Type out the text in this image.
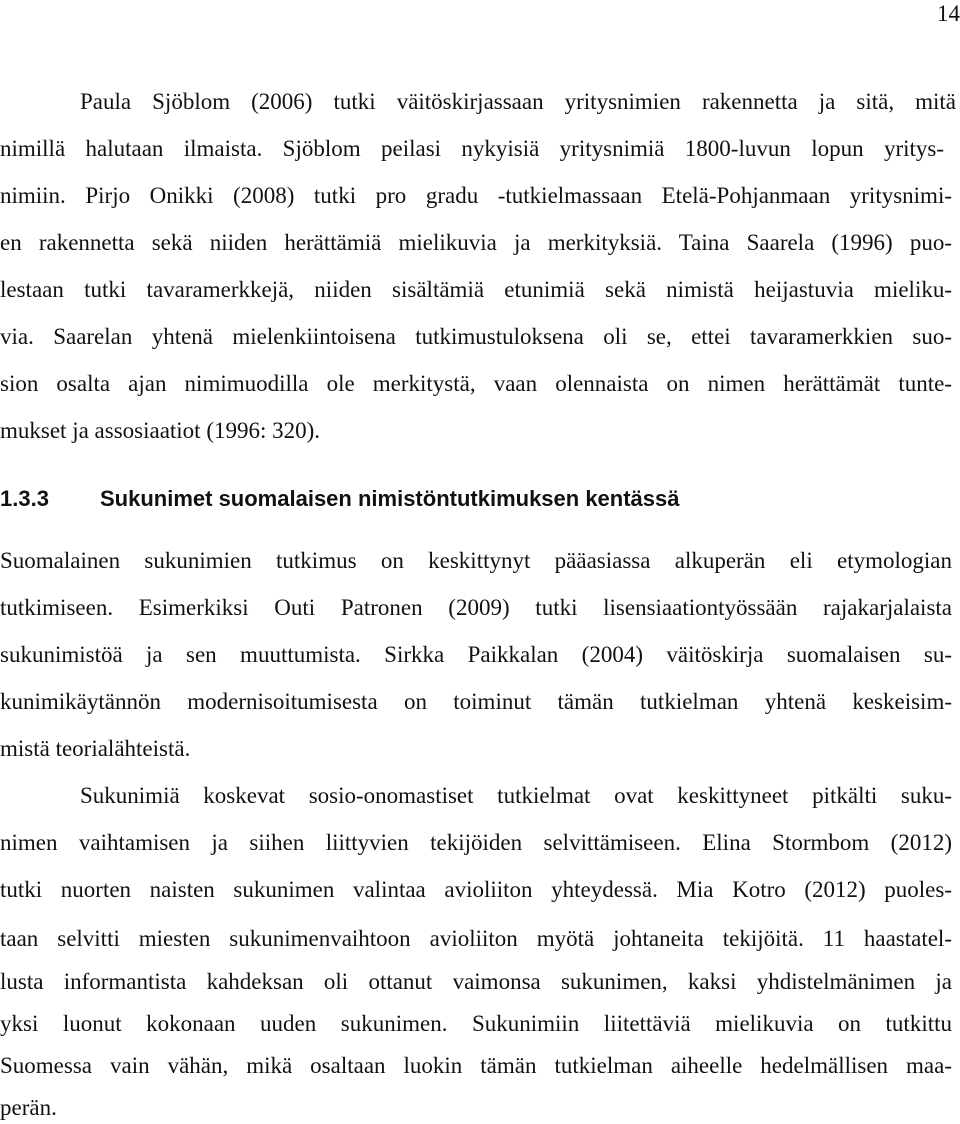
14
Paula Sjöblom (2006) tutki väitöskirjassaan yritysnimien rakennetta ja sitä, mitä
nimillä halutaan ilmaista. Sjöblom peilasi nykyisiä yritysnimiä 1800-luvun lopun yritys-
nimiin. Pirjo Onikki (2008) tutki pro gradu -tutkielmassaan Etelä-Pohjanmaan yritysnimi-
en rakennetta sekä niiden herättämiä mielikuvia ja merkityksiä. Taina Saarela (1996) puo-
lestaan tutki tavaramerkkejä, niiden sisältämiä etunimiä sekä nimistä heijastuvia mieliku-
via. Saarelan yhtenä mielenkiintoisena tutkimustuloksena oli se, ettei tavaramerkkien suo-
sion osalta ajan nimimuodilla ole merkitystä, vaan olennaista on nimen herättämät tunte-
mukset ja assosiaatiot (1996: 320).
1.3.3 Sukunimet suomalaisen nimistöntutkimuksen kentässä
Suomalainen sukunimien tutkimus on keskittynyt pääasiassa alkuperän eli etymologian
tutkimiseen. Esimerkiksi Outi Patronen (2009) tutki lisensiaationtyössään rajakarjalaista
sukunimistöä ja sen muuttumista. Sirkka Paikkalan (2004) väitöskirja suomalaisen su-
kunimikäytännön modernisoitumisesta on toiminut tämän tutkielman yhtenä keskeisim-
mistä teorialähteistä.
Sukunimiä koskevat sosio-onomastiset tutkielmat ovat keskittyneet pitkälti suku-
nimen vaihtamisen ja siihen liittyvien tekijöiden selvittämiseen. Elina Stormbom (2012)
tutki nuorten naisten sukunimen valintaa avioliiton yhteydessä. Mia Kotro (2012) puoles-
taan selvitti miesten sukunimenvaihtoon avioliiton myötä johtaneita tekijöitä. 11 haastatel-
lusta informantista kahdeksan oli ottanut vaimonsa sukunimen, kaksi yhdistelmänimen ja
yksi luonut kokonaan uuden sukunimen. Sukunimiin liitettäviä mielikuvia on tutkittu
Suomessa vain vähän, mikä osaltaan luokin tämän tutkielman aiheelle hedelmällisen maa-
perän.
